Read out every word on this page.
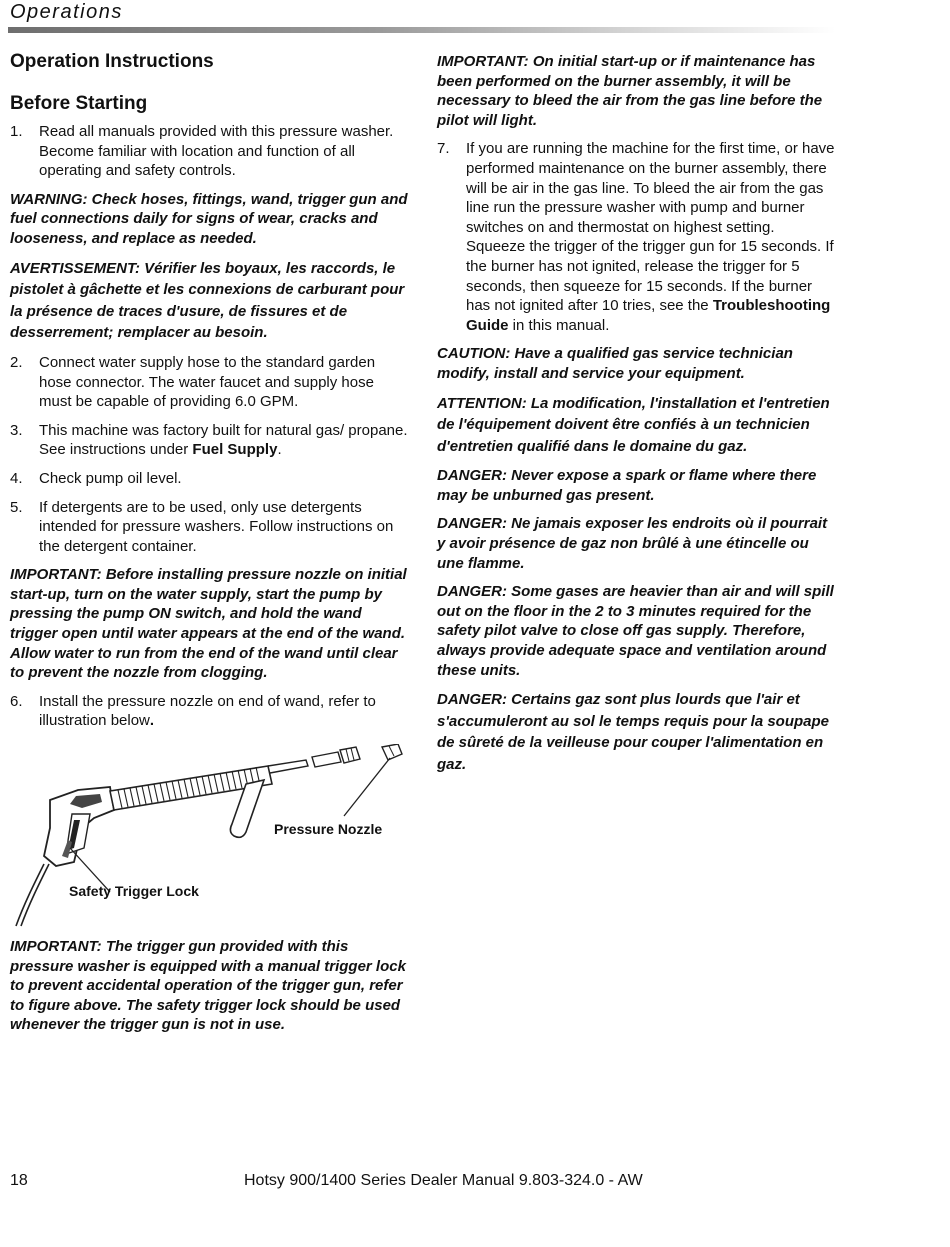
Operations
Operation Instructions
Before Starting
1.	Read all manuals provided with this pressure washer. Become familiar with location and function of all operating and safety controls.

WARNING: Check hoses, fittings, wand, trigger gun and fuel connections daily for signs of wear, cracks and looseness, and replace as needed.

AVERTISSEMENT: Vérifier les boyaux, les raccords, le pistolet à gâchette et les connexions de carburant pour la présence de traces d'usure, de fissures et de desserrement; remplacer au besoin.

2.	Connect water supply hose to the standard garden hose connector. The water faucet and supply hose must be capable of providing 6.0 GPM.
3.	This machine was factory built for natural gas/ propane. See instructions under Fuel Supply.
4.	Check pump oil level.
5.	If detergents are to be used, only use detergents intended for pressure washers. Follow instructions on the detergent container.

IMPORTANT: Before installing pressure nozzle on initial start-up, turn on the water supply, start the pump by pressing the pump ON switch, and hold the wand trigger open until water appears at the end of the wand. Allow water to run from the end of the wand until clear to prevent the nozzle from clogging.

6.	Install the pressure nozzle on end of wand, refer to illustration below.
Pressure Nozzle
Safety Trigger Lock

IMPORTANT: The trigger gun provided with this pressure washer is equipped with a manual trigger lock to prevent accidental operation of the trigger gun, refer to figure above. The safety trigger lock should be used whenever the trigger gun is not in use.

IMPORTANT: On initial start-up or if maintenance has been performed on the burner assembly, it will be necessary to bleed the air from the gas line before the pilot will light.

7.	If you are running the machine for the first time, or have performed maintenance on the burner assembly, there will be air in the gas line. To bleed the air from the gas line run the pressure washer with pump and burner switches on and thermostat on highest setting. Squeeze the trigger of the trigger gun for 15 seconds. If the burner has not ignited, release the trigger for 5 seconds, then squeeze for 15 seconds. If the burner has not ignited after 10 tries, see the Troubleshooting Guide in this manual.

CAUTION: Have a qualified gas service technician modify, install and service your equipment.

ATTENTION: La modification, l'installation et l'entretien de l'équipement doivent être confiés à un technicien d'entretien qualifié dans le domaine du gaz.

DANGER: Never expose a spark or flame where there may be unburned gas present.

DANGER: Ne jamais exposer les endroits où il pourrait y avoir présence de gaz non brûlé à une étincelle ou une flamme.

DANGER: Some gases are heavier than air and will spill out on the floor in the 2 to 3 minutes required for the safety pilot valve to close off gas supply. Therefore, always provide adequate space and ventilation around these units.

DANGER: Certains gaz sont plus lourds que l'air et s'accumuleront au sol le temps requis pour la soupape de sûreté de la veilleuse pour couper l'alimentation en gaz.

18	Hotsy 900/1400 Series Dealer Manual 9.803-324.0 - AW
